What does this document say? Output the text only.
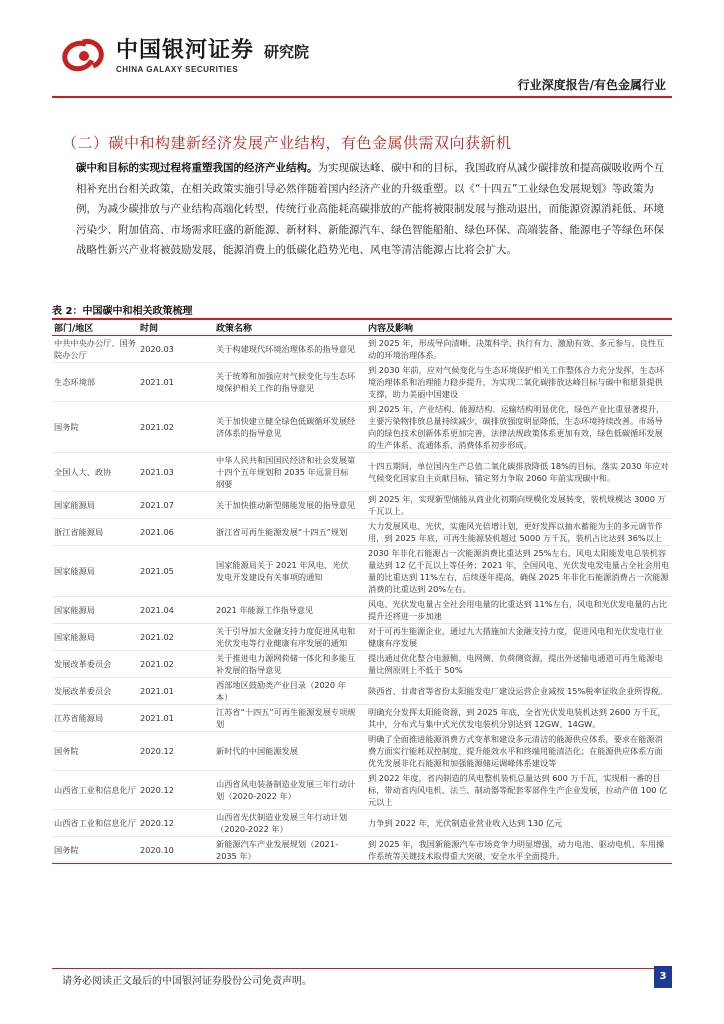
中国银河证券
CHINA GALAXY SECURITIES
研究院
行业深度报告/有色金属行业
（二）碳中和构建新经济发展产业结构，有色金属供需双向获新机
碳中和目标的实现过程将重塑我国的经济产业结构。为实现碳达峰、碳中和的目标，我国政府从减少碳排放和提高碳吸收两个互相补充出台相关政策，在相关政策实施引导必然伴随着国内经济产业的升级重塑。以《“十四五”工业绿色发展规划》等政策为例，为减少碳排放与产业结构高端化转型，传统行业高能耗高碳排放的产能将被限制发展与推动退出，而能源资源消耗低、环境污染少、附加值高、市场需求旺盛的新能源、新材料、新能源汽车、绿色智能船舶、绿色环保、高端装备、能源电子等绿色环保战略性新兴产业将被鼓励发展，能源消费上的低碳化趋势光电、风电等清洁能源占比将会扩大。
表 2：中国碳中和相关政策梳理
部门/地区	时间	政策名称	内容及影响
中共中央办公厅、国务院办公厅	2020.03	关于构建现代环境治理体系的指导意见	到 2025 年，形成导向清晰、决策科学、执行有力、激励有效、多元参与、良性互动的环境治理体系。
生态环境部	2021.01	关于统筹和加强应对气候变化与生态环境保护相关工作的指导意见	到 2030 年前，应对气候变化与生态环境保护相关工作整体合力充分发挥，生态环境治理体系和治理能力稳步提升，为实现二氧化碳排放达峰目标与碳中和愿景提供支撑，助力美丽中国建设
国务院	2021.02	关于加快建立健全绿色低碳循环发展经济体系的指导意见	到 2025 年，产业结构、能源结构、运输结构明显优化，绿色产业比重显著提升，主要污染物排放总量持续减少，碳排放强度明显降低，生态环境持续改善。市场导向的绿色技术创新体系更加完善，法律法规政策体系更加有效，绿色低碳循环发展的生产体系、流通体系、消费体系初步形成。
全国人大、政协	2021.03	中华人民共和国国民经济和社会发展第十四个五年规划和 2035 年远景目标纲要	十四五期间，单位国内生产总值二氧化碳排放降低 18%的目标，落实 2030 年应对气候变化国家自主贡献目标，锚定努力争取 2060 年前实现碳中和。
国家能源局	2021.07	关于加快推动新型储能发展的指导意见	到 2025 年，实现新型储能从商业化初期向规模化发展转变，装机规模达 3000 万千瓦以上。
浙江省能源局	2021.06	浙江省可再生能源发展“十四五”规划	大力发展风电、光伏，实施风光倍增计划，更好发挥以抽水蓄能为主的多元调节作用，到 2025 年底，可再生能源装机超过 5000 万千瓦，装机占比达到 36%以上
国家能源局	2021.05	国家能源局关于 2021 年风电、光伏发电开发建设有关事项的通知	2030 年非化石能源占一次能源消费比重达到 25%左右、风电太阳能发电总装机容量达到 12 亿千瓦以上等任务；2021 年，全国风电、光伏发电发电量占全社会用电量的比重达到 11%左右，后续逐年提高，确保 2025 年非化石能源消费占一次能源消费的比重达到 20%左右。
国家能源局	2021.04	2021 年能源工作指导意见	风电、光伏发电量占全社会用电量的比重达到 11%左右，风电和光伏发电量的占比提升还将进一步加速
国家能源局	2021.02	关于引导加大金融支持力度促进风电和光伏发电等行业健康有序发展的通知	对于可再生能源企业，通过九大措施加大金融支持力度，促进风电和光伏发电行业健康有序发展
发展改革委员会	2021.02	关于推进电力源网荷储一体化和多能互补发展的指导意见	提出通过优化整合电源侧、电网侧、负荷侧资源，提出外送输电通道可再生能源电量比例原则上不低于 50%
发展改革委员会	2021.01	西部地区鼓励类产业目录（2020 年本）	陕西省、甘肃省等省份太阳能发电厂建设运营企业减按 15%税率征收企业所得税。
江苏省能源局	2021.01	江苏省“十四五”可再生能源发展专项规划	明确充分发挥太阳能资源，到 2025 年底，全省光伏发电装机达到 2600 万千瓦，其中，分布式与集中式光伏发电装机分别达到 12GW、14GW。
国务院	2020.12	新时代的中国能源发展	明确了全面推进能源消费方式变革和建设多元清洁的能源供应体系，要求在能源消费方面实行能耗双控制度、提升能效水平和终端用能清洁化；在能源供应体系方面优先发展非化石能源和加强能源储运调峰体系建设等
山西省工业和信息化厅	2020.12	山西省风电装备制造业发展三年行动计划（2020-2022 年）	到 2022 年度，省内制造的风电整机装机总量达到 600 万千瓦，实现相一番的目标，带动省内风电机、法兰、制动器等配套零部件生产企业发展，拉动产值 100 亿元以上
山西省工业和信息化厅	2020.12	山西省光伏制造业发展三年行动计划（2020-2022 年）	力争到 2022 年，光伏制造业营业收入达到 130 亿元
国务院	2020.10	新能源汽车产业发展规划（2021-2035 年）	到 2025 年，我国新能源汽车市场竞争力明显增强，动力电池、驱动电机、车用操作系统等关键技术取得重大突破，安全水平全面提升。
请务必阅读正文最后的中国银河证券股份公司免责声明。	3
